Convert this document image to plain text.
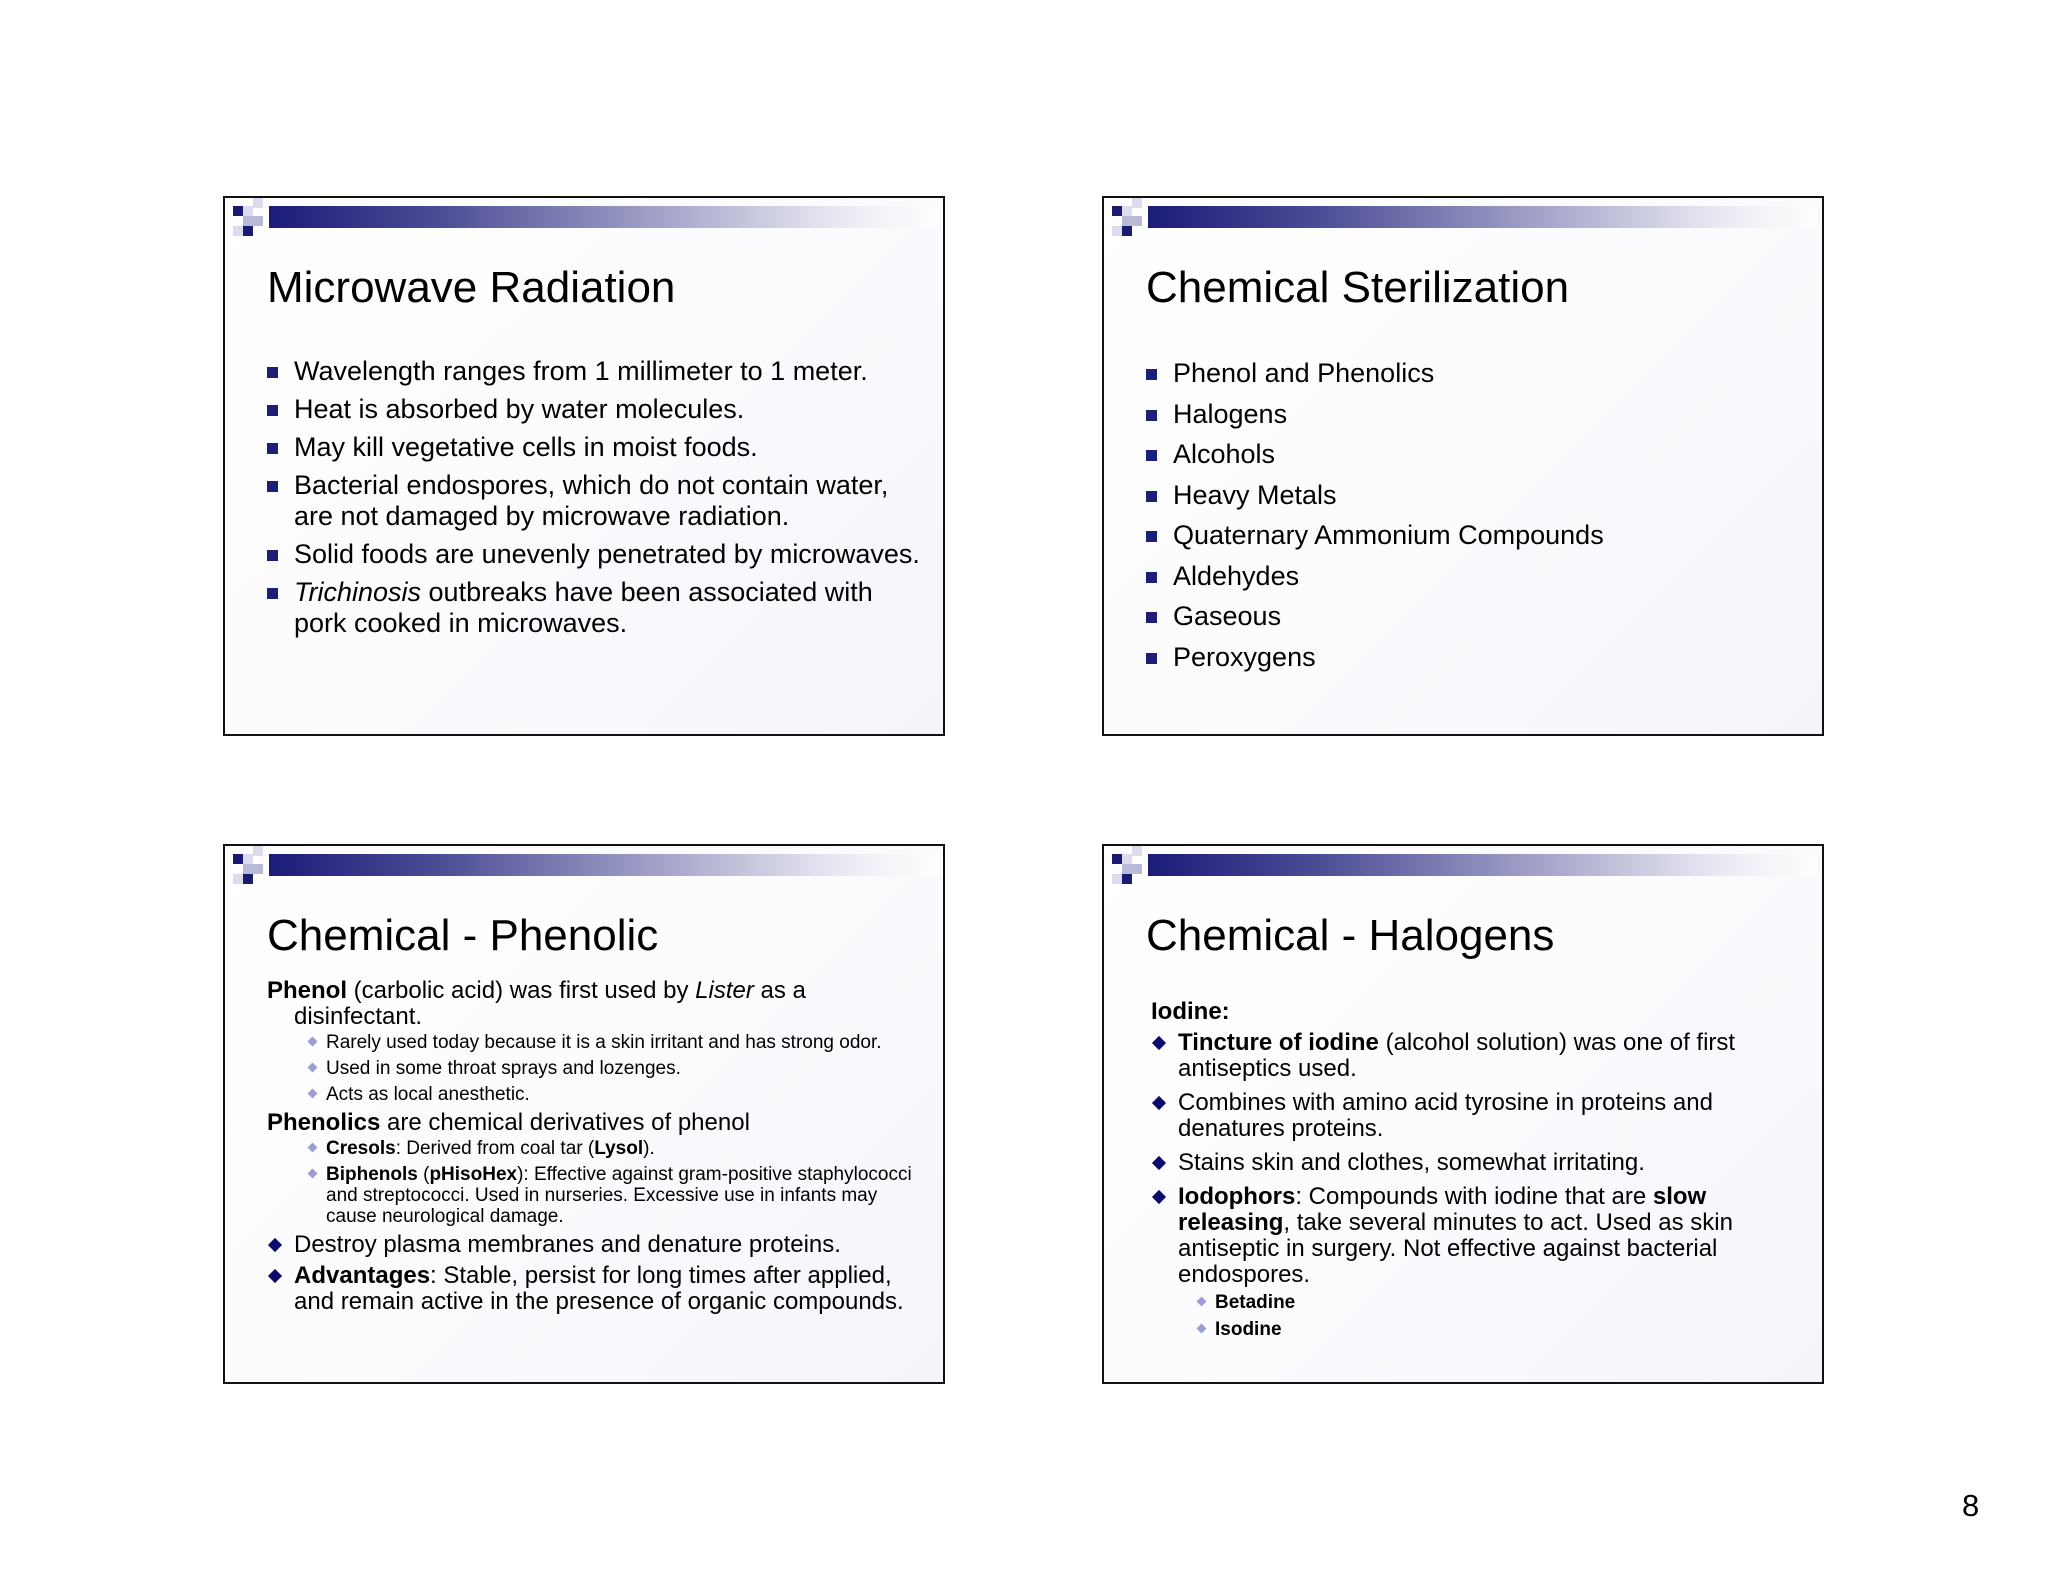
Microwave Radiation
Wavelength ranges from 1 millimeter to 1 meter.
Heat is absorbed by water molecules.
May kill vegetative cells in moist foods.
Bacterial endospores, which do not contain water, are not damaged by microwave radiation.
Solid foods are unevenly penetrated by microwaves.
Trichinosis outbreaks have been associated with pork cooked in microwaves.
Chemical Sterilization
Phenol and Phenolics
Halogens
Alcohols
Heavy Metals
Quaternary Ammonium Compounds
Aldehydes
Gaseous
Peroxygens
Chemical - Phenolic

Phenol (carbolic acid) was first used by Lister as a disinfectant.

Rarely used today because it is a skin irritant and has strong odor.
Used in some throat sprays and lozenges.
Acts as local anesthetic.

Phenolics are chemical derivatives of phenol

Cresols: Derived from coal tar (Lysol).
Biphenols (pHisoHex): Effective against gram-positive staphylococci and streptococci. Used in nurseries. Excessive use in infants may cause neurological damage.
Destroy plasma membranes and denature proteins.
Advantages: Stable, persist for long times after applied, and remain active in the presence of organic compounds.
Chemical - Halogens
Iodine:
Tincture of iodine (alcohol solution) was one of first antiseptics used.
Combines with amino acid tyrosine in proteins and denatures proteins.
Stains skin and clothes, somewhat irritating.
Iodophors: Compounds with iodine that are slow releasing, take several minutes to act. Used as skin antiseptic in surgery. Not effective against bacterial endospores.
Betadine
Isodine
8
